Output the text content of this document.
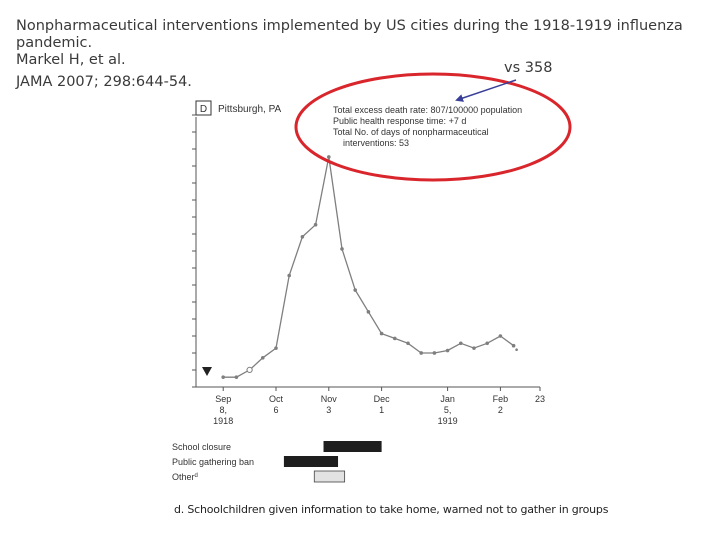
Nonpharmaceutical interventions implemented by US cities during the 1918-1919 influenza pandemic.
Markel H, et al.
JAMA 2007; 298:644-54.
vs 358
D Pittsburgh, PA	Total excess death rate: 807/100000 population
Public health response time: +7 d
Total No. of days of nonpharmaceutical
interventions: 53
Sep
8,
1918
Oct
6
Nov
3
Dec
1
Jan
5,
1919
Feb
2
23
School closure
Public gathering ban
Other$^d$
d. Schoolchildren given information to take home, warned not to gather in groups
